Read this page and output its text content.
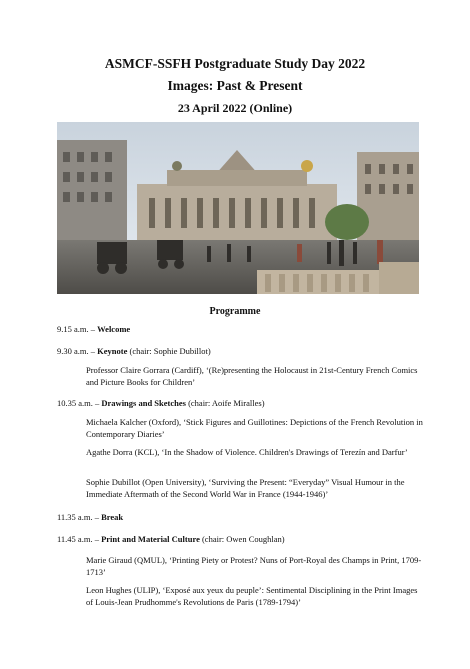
ASMCF-SSFH Postgraduate Study Day 2022
Images: Past & Present
23 April 2022 (Online)
Programme

9.15 a.m. – Welcome

9.30 a.m. – Keynote (chair: Sophie Dubillot)

Professor Claire Gorrara (Cardiff), ‘(Re)presenting the Holocaust in 21st-Century French Comics and Picture Books for Children’

10.35 a.m. – Drawings and Sketches (chair: Aoife Miralles)

Michaela Kalcher (Oxford), ‘Stick Figures and Guillotines: Depictions of the French Revolution in Contemporary Diaries’

Agathe Dorra (KCL), ‘In the Shadow of Violence. Children's Drawings of Terezín and Darfur’

Sophie Dubillot (Open University), ‘Surviving the Present: “Everyday” Visual Humour in the Immediate Aftermath of the Second World War in France (1944-1946)’

11.35 a.m. – Break

11.45 a.m. – Print and Material Culture (chair: Owen Coughlan)

Marie Giraud (QMUL), ‘Printing Piety or Protest? Nuns of Port-Royal des Champs in Print, 1709-1713’

Leon Hughes (ULIP), ‘Exposé aux yeux du peuple’: Sentimental Disciplining in the Print Images of Louis-Jean Prudhomme's Revolutions de Paris (1789-1794)’
